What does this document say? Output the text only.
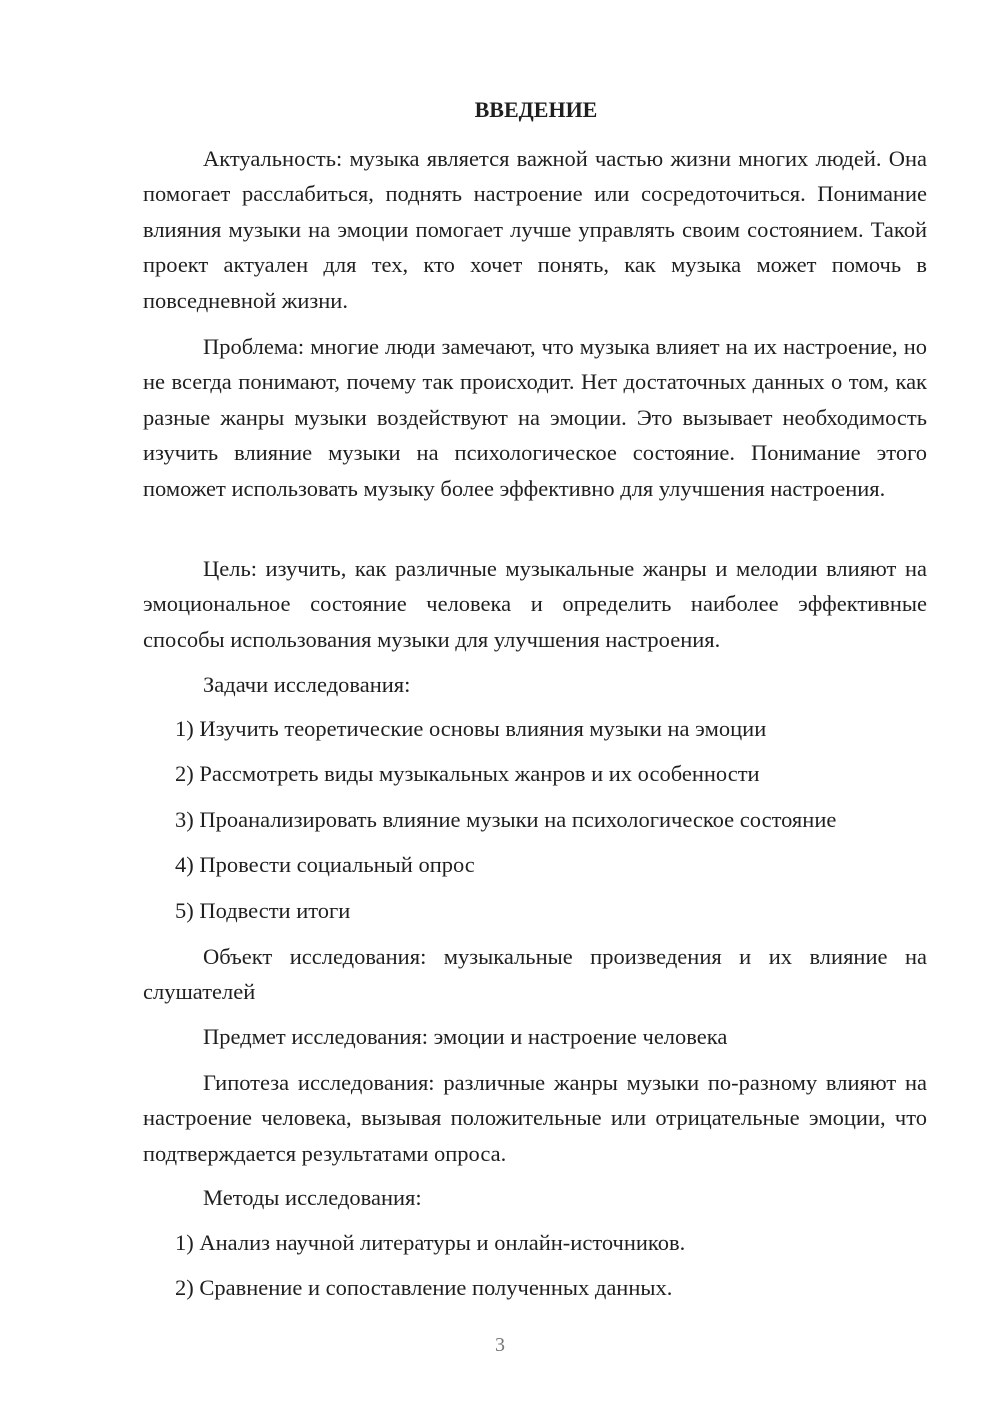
ВВЕДЕНИЕ

Актуальность: музыка является важной частью жизни многих людей. Она помогает расслабиться, поднять настроение или сосредоточиться. Понимание влияния музыки на эмоции помогает лучше управлять своим состоянием. Такой проект актуален для тех, кто хочет понять, как музыка может помочь в повседневной жизни.

Проблема: многие люди замечают, что музыка влияет на их настроение, но не всегда понимают, почему так происходит. Нет достаточных данных о том, как разные жанры музыки воздействуют на эмоции. Это вызывает необходимость изучить влияние музыки на психологическое состояние. Понимание этого поможет использовать музыку более эффективно для улучшения настроения.

Цель: изучить, как различные музыкальные жанры и мелодии влияют на эмоциональное состояние человека и определить наиболее эффективные способы использования музыки для улучшения настроения.

Задачи исследования:

1) Изучить теоретические основы влияния музыки на эмоции

2) Рассмотреть виды музыкальных жанров и их особенности

3) Проанализировать влияние музыки на психологическое состояние

4) Провести социальный опрос

5) Подвести итоги

Объект исследования: музыкальные произведения и их влияние на слушателей

Предмет исследования: эмоции и настроение человека

Гипотеза исследования: различные жанры музыки по-разному влияют на настроение человека, вызывая положительные или отрицательные эмоции, что подтверждается результатами опроса.

Методы исследования:

1) Анализ научной литературы и онлайн-источников.

2) Сравнение и сопоставление полученных данных.

3
